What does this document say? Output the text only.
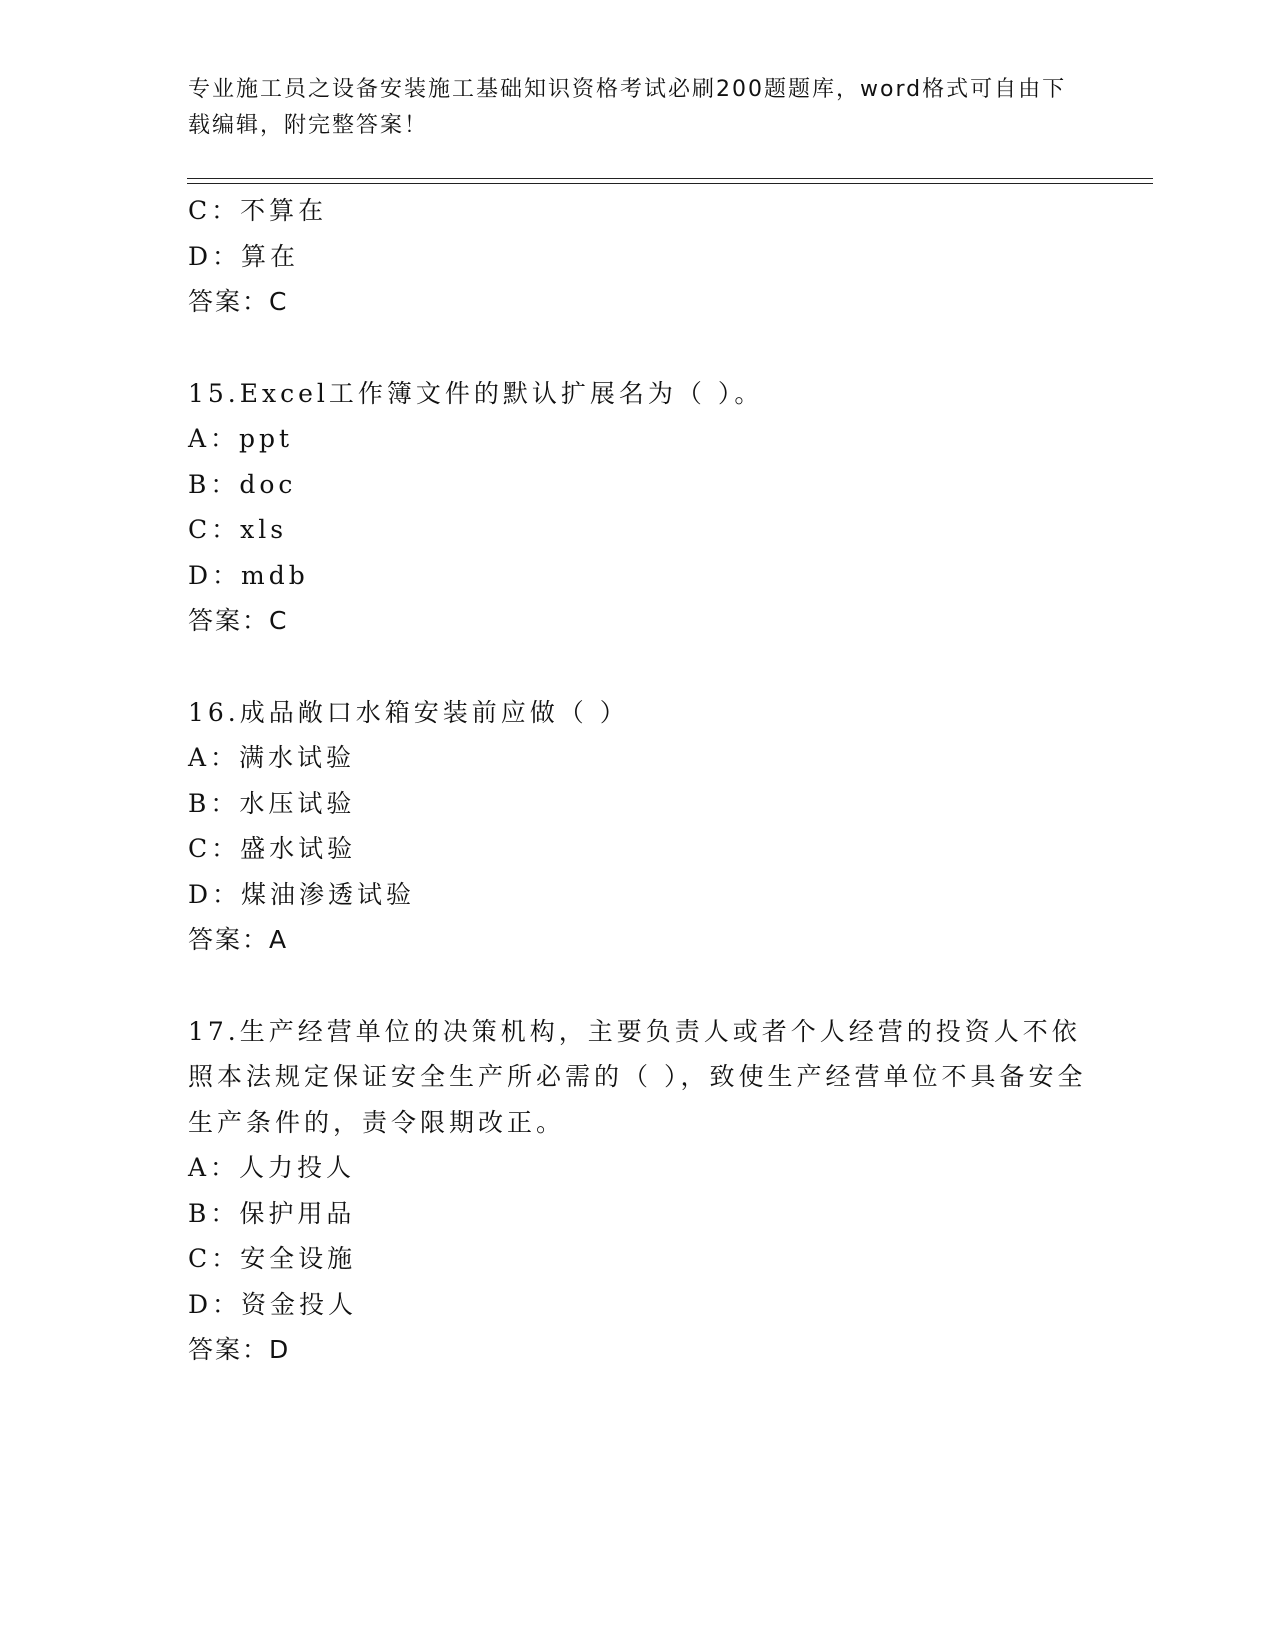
专业施工员之设备安装施工基础知识资格考试必刷200题题库，word格式可自由下载编辑，附完整答案！
C：不算在
D：算在
答案：C
15.Excel工作簿文件的默认扩展名为（ ）。
A：ppt
B：doc
C：xls
D：mdb
答案：C
16.成品敞口水箱安装前应做（ ）
A：满水试验
B：水压试验
C：盛水试验
D：煤油渗透试验
答案：A
17.生产经营单位的决策机构，主要负责人或者个人经营的投资人不依照本法规定保证安全生产所必需的（ ），致使生产经营单位不具备安全生产条件的，责令限期改正。
A：人力投人
B：保护用品
C：安全设施
D：资金投人
答案：D
